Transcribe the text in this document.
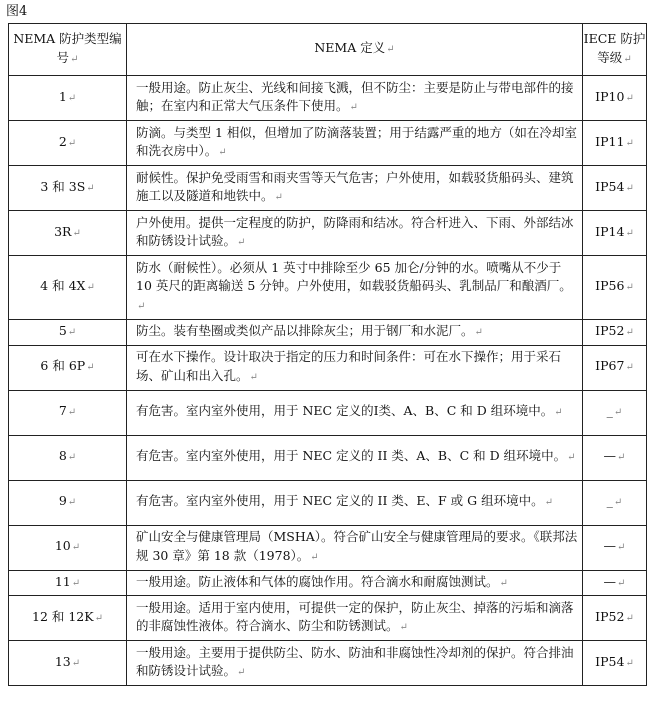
图4
NEMA 防护类型编号↵	NEMA 定义↵	IECE 防护等级↵
1↵	一般用途。防止灰尘、光线和间接飞溅，但不防尘：主要是防止与带电部件的接触；在室内和正常大气压条件下使用。↵	IP10↵
2↵	防滴。与类型 1 相似，但增加了防滴落装置；用于结露严重的地方（如在冷却室和洗衣房中）。↵	IP11↵
3 和 3S↵	耐候性。保护免受雨雪和雨夹雪等天气危害；户外使用，如载驳货船码头、建筑施工以及隧道和地铁中。↵	IP54↵
3R↵	户外使用。提供一定程度的防护，防降雨和结冰。符合杆进入、下雨、外部结冰和防锈设计试验。↵	IP14↵
4 和 4X↵	防水（耐候性）。必须从 1 英寸中排除至少 65 加仑/分钟的水。喷嘴从不少于 10 英尺的距离输送 5 分钟。户外使用，如载驳货船码头、乳制品厂和酿酒厂。↵	IP56↵
5↵	防尘。装有垫圈或类似产品以排除灰尘；用于钢厂和水泥厂。↵	IP52↵
6 和 6P↵	可在水下操作。设计取决于指定的压力和时间条件：可在水下操作；用于采石场、矿山和出入孔。↵	IP67↵
7↵	有危害。室内室外使用，用于 NEC 定义的I类、A、B、C 和 D 组环境中。↵	_↵
8↵	有危害。室内室外使用，用于 NEC 定义的 II 类、A、B、C 和 D 组环境中。↵	—↵
9↵	有危害。室内室外使用，用于 NEC 定义的 II 类、E、F 或 G 组环境中。↵	_↵
10↵	矿山安全与健康管理局（MSHA）。符合矿山安全与健康管理局的要求。《联邦法规 30 章》第 18 款（1978）。↵	—↵
11↵	一般用途。防止液体和气体的腐蚀作用。符合滴水和耐腐蚀测试。↵	—↵
12 和 12K↵	一般用途。适用于室内使用，可提供一定的保护，防止灰尘、掉落的污垢和滴落的非腐蚀性液体。符合滴水、防尘和防锈测试。↵	IP52↵
13↵	一般用途。主要用于提供防尘、防水、防油和非腐蚀性冷却剂的保护。符合排油和防锈设计试验。↵	IP54↵
